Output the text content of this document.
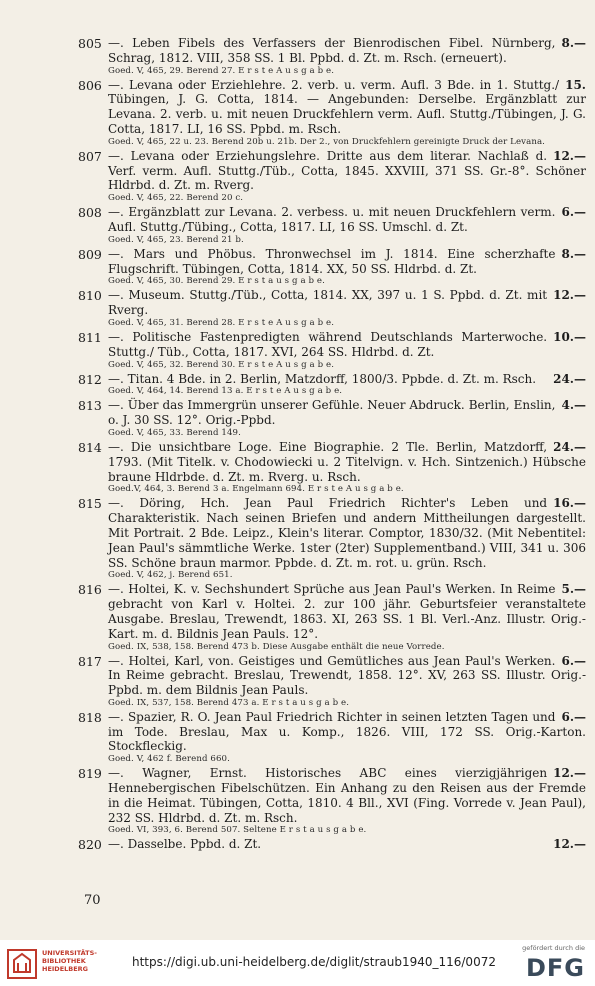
805	8.—
—. Leben Fibels des Verfassers der Bienrodischen Fibel. Nürnberg, Schrag, 1812. VIII, 358 SS. 1 Bl. Ppbd. d. Zt. m. Rsch. (erneuert).
Goed. V, 465, 29. Berend 27. E r s t e A u s g a b e.
806	15.
—. Levana oder Erziehlehre. 2. verb. u. verm. Aufl. 3 Bde. in 1. Stuttg./ Tübingen, J. G. Cotta, 1814. — Angebunden: Derselbe. Ergänzblatt zur Levana. 2. verb. u. mit neuen Druckfehlern verm. Aufl. Stuttg./Tübingen, J. G. Cotta, 1817. LI, 16 SS. Ppbd. m. Rsch.
Goed. V, 465, 22 u. 23. Berend 20b u. 21b. Der 2., von Druckfehlern gereinigte Druck der Levana.
807	12.—
—. Levana oder Erziehungslehre. Dritte aus dem literar. Nachlaß d. Verf. verm. Aufl. Stuttg./Tüb., Cotta, 1845. XXVIII, 371 SS. Gr.-8°. Schöner Hldrbd. d. Zt. m. Rverg.
Goed. V, 465, 22. Berend 20 c.
808	6.—
—. Ergänzblatt zur Levana. 2. verbess. u. mit neuen Druckfehlern verm. Aufl. Stuttg./Tübing., Cotta, 1817. LI, 16 SS. Umschl. d. Zt.
Goed. V, 465, 23. Berend 21 b.
809	8.—
—. Mars und Phöbus. Thronwechsel im J. 1814. Eine scherzhafte Flugschrift. Tübingen, Cotta, 1814. XX, 50 SS. Hldrbd. d. Zt.
Goed. V, 465, 30. Berend 29. E r s t a u s g a b e.
810	12.—
—. Museum. Stuttg./Tüb., Cotta, 1814. XX, 397 u. 1 S. Ppbd. d. Zt. mit Rverg.
Goed. V, 465, 31. Berend 28. E r s t e A u s g a b e.
811	10.—
—. Politische Fastenpredigten während Deutschlands Marterwoche. Stuttg./ Tüb., Cotta, 1817. XVI, 264 SS. Hldrbd. d. Zt.
Goed. V, 465, 32. Berend 30. E r s t e A u s g a b e.
812	24.—
—. Titan. 4 Bde. in 2. Berlin, Matzdorff, 1800/3. Ppbde. d. Zt. m. Rsch.
Goed. V, 464, 14. Berend 13 a. E r s t e A u s g a b e.
813	4.—
—. Über das Immergrün unserer Gefühle. Neuer Abdruck. Berlin, Enslin, o. J. 30 SS. 12°. Orig.-Ppbd.
Goed. V, 465, 33. Berend 149.
814	24.—
—. Die unsichtbare Loge. Eine Biographie. 2 Tle. Berlin, Matzdorff, 1793. (Mit Titelk. v. Chodowiecki u. 2 Titelvign. v. Hch. Sintzenich.) Hübsche braune Hldrbde. d. Zt. m. Rverg. u. Rsch.
Goed.V, 464, 3. Berend 3 a. Engelmann 694. E r s t e A u s g a b e.
815	16.—
—. Döring, Hch. Jean Paul Friedrich Richter's Leben und Charakteristik. Nach seinen Briefen und andern Mittheilungen dargestellt. Mit Portrait. 2 Bde. Leipz., Klein's literar. Comptor, 1830/32. (Mit Nebentitel: Jean Paul's sämmtliche Werke. 1ster (2ter) Supplementband.) VIII, 341 u. 306 SS. Schöne braun marmor. Ppbde. d. Zt. m. rot. u. grün. Rsch.
Goed. V, 462, j. Berend 651.
816	5.—
—. Holtei, K. v. Sechshundert Sprüche aus Jean Paul's Werken. In Reime gebracht von Karl v. Holtei. 2. zur 100 jähr. Geburtsfeier veranstaltete Ausgabe. Breslau, Trewendt, 1863. XI, 263 SS. 1 Bl. Verl.-Anz. Illustr. Orig.-Kart. m. d. Bildnis Jean Pauls. 12°.
Goed. IX, 538, 158. Berend 473 b. Diese Ausgabe enthält die neue Vorrede.
817	6.—
—. Holtei, Karl, von. Geistiges und Gemütliches aus Jean Paul's Werken. In Reime gebracht. Breslau, Trewendt, 1858. 12°. XV, 263 SS. Illustr. Orig.-Ppbd. m. dem Bildnis Jean Pauls.
Goed. IX, 537, 158. Berend 473 a. E r s t a u s g a b e.
818	6.—
—. Spazier, R. O. Jean Paul Friedrich Richter in seinen letzten Tagen und im Tode. Breslau, Max u. Komp., 1826. VIII, 172 SS. Orig.-Karton. Stockfleckig.
Goed. V, 462 f. Berend 660.
819	12.—
—. Wagner, Ernst. Historisches ABC eines vierzigjährigen Hennebergischen Fibelschützen. Ein Anhang zu den Reisen aus der Fremde in die Heimat. Tübingen, Cotta, 1810. 4 Bll., XVI (Fing. Vorrede v. Jean Paul), 232 SS. Hldrbd. d. Zt. m. Rsch.
Goed. VI, 393, 6. Berend 507. Seltene E r s t a u s g a b e.
820	12.—
—. Dasselbe. Ppbd. d. Zt.
70
UNIVERSITÄTS-
BIBLIOTHEK
HEIDELBERG	https://digi.ub.uni-heidelberg.de/diglit/straub1940_116/0072
gefördert durch die
DFG
